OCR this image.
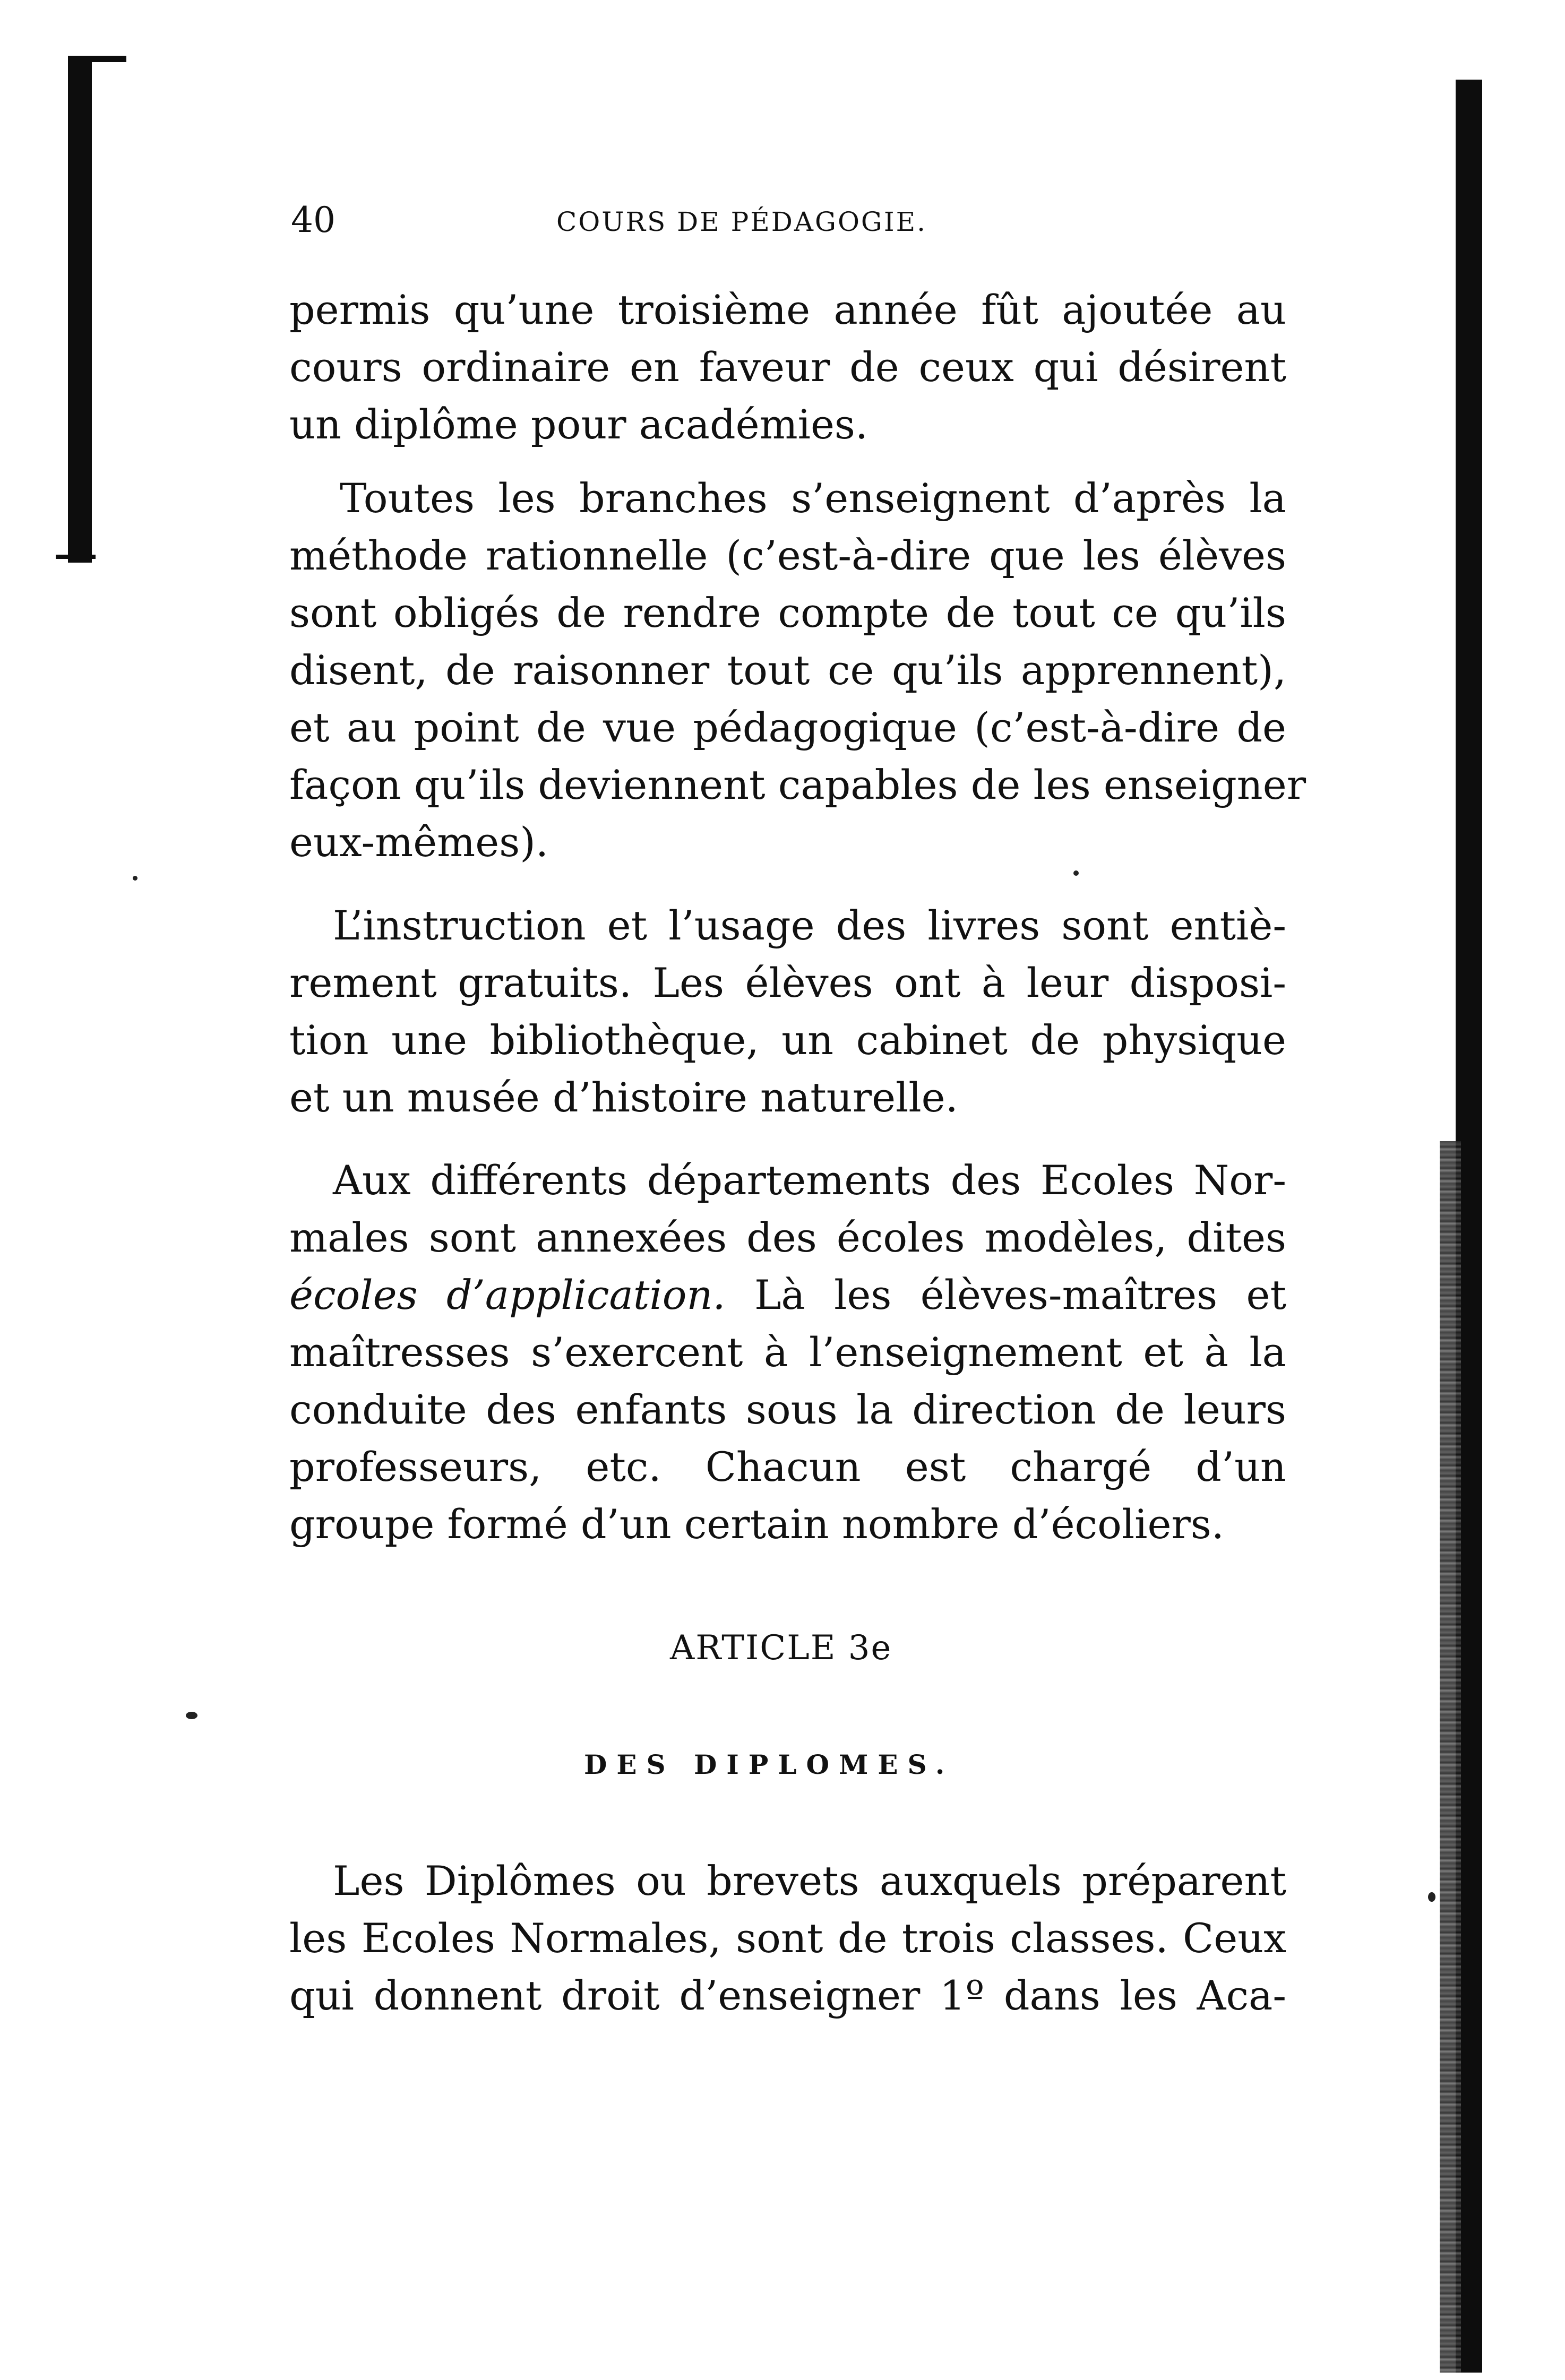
40	COURS DE PÉDAGOGIE.
permis qu’une troisième année fût ajoutée au
cours ordinaire en faveur de ceux qui désirent
un diplôme pour académies.
Toutes les branches s’enseignent d’après la
méthode rationnelle (c’est-à-dire que les élèves
sont obligés de rendre compte de tout ce qu’ils
disent, de raisonner tout ce qu’ils apprennent),
et au point de vue pédagogique (c’est-à-dire de
façon qu’ils deviennent capables de les enseigner
eux-mêmes).
L’instruction et l’usage des livres sont entiè-
rement gratuits. Les élèves ont à leur disposi-
tion une bibliothèque, un cabinet de physique
et un musée d’histoire naturelle.
Aux différents départements des Ecoles Nor-
males sont annexées des écoles modèles, dites
écoles d’application. Là les élèves-maîtres et
maîtresses s’exercent à l’enseignement et à la
conduite des enfants sous la direction de leurs
professeurs, etc. Chacun est chargé d’un
groupe formé d’un certain nombre d’écoliers.
ARTICLE 3e
DES DIPLOMES.
Les Diplômes ou brevets auxquels préparent
les Ecoles Normales, sont de trois classes. Ceux
qui donnent droit d’enseigner 1º dans les Aca-
